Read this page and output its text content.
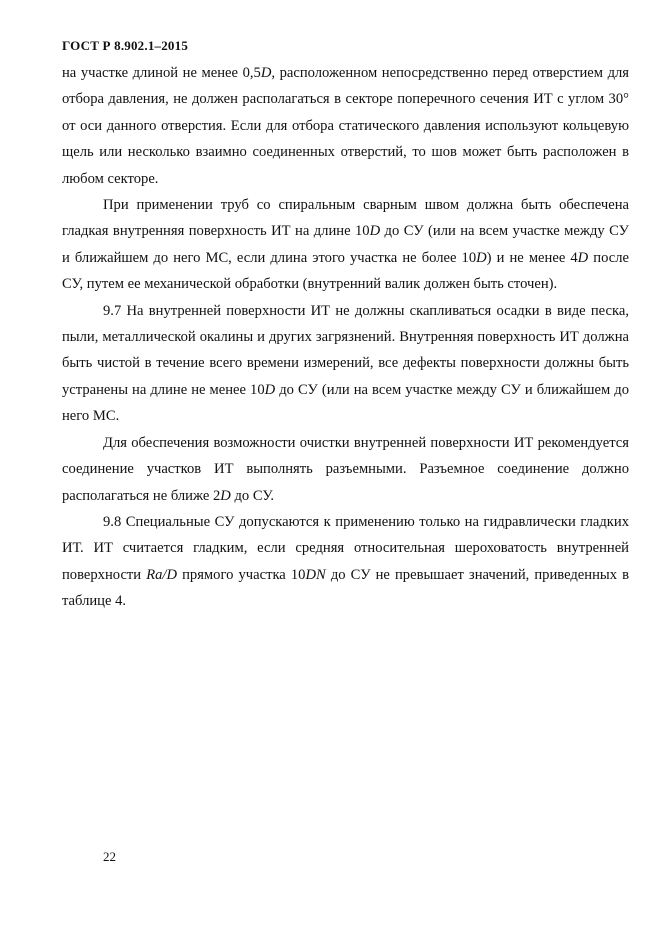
ГОСТ Р 8.902.1–2015

на участке длиной не менее 0,5D, расположенном непосредственно перед отверстием для отбора давления, не должен располагаться в секторе поперечного сечения ИТ с углом 30° от оси данного отверстия. Если для отбора статического давления используют кольцевую щель или несколько взаимно соединенных отверстий, то шов может быть расположен в любом секторе.

При применении труб со спиральным сварным швом должна быть обеспечена гладкая внутренняя поверхность ИТ на длине 10D до СУ (или на всем участке между СУ и ближайшем до него МС, если длина этого участка не более 10D) и не менее 4D после СУ, путем ее механической обработки (внутренний валик должен быть сточен).

9.7 На внутренней поверхности ИТ не должны скапливаться осадки в виде песка, пыли, металлической окалины и других загрязнений. Внутренняя поверхность ИТ должна быть чистой в течение всего времени измерений, все дефекты поверхности должны быть устранены на длине не менее 10D до СУ (или на всем участке между СУ и ближайшем до него МС.

Для обеспечения возможности очистки внутренней поверхности ИТ рекомендуется соединение участков ИТ выполнять разъемными. Разъемное соединение должно располагаться не ближе 2D до СУ.

9.8 Специальные СУ допускаются к применению только на гидравлически гладких ИТ. ИТ считается гладким, если средняя относительная шероховатость внутренней поверхности Ra/D прямого участка 10DN до СУ не превышает значений, приведенных в таблице 4.

22
